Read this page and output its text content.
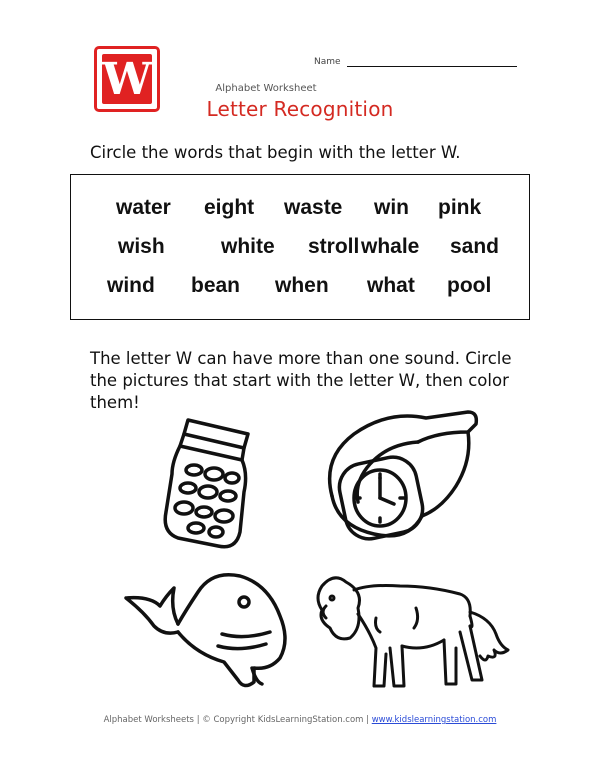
W	Name
Alphabet Worksheet
Letter Recognition
Circle the words that begin with the letter W.
water eight waste win pink
wish	white stroll whale sand
wind bean when what pool
The letter W can have more than one sound. Circle the pictures that start with the letter W, then color them!
Alphabet Worksheets | © Copyright KidsLearningStation.com | www.kidslearningstation.com
